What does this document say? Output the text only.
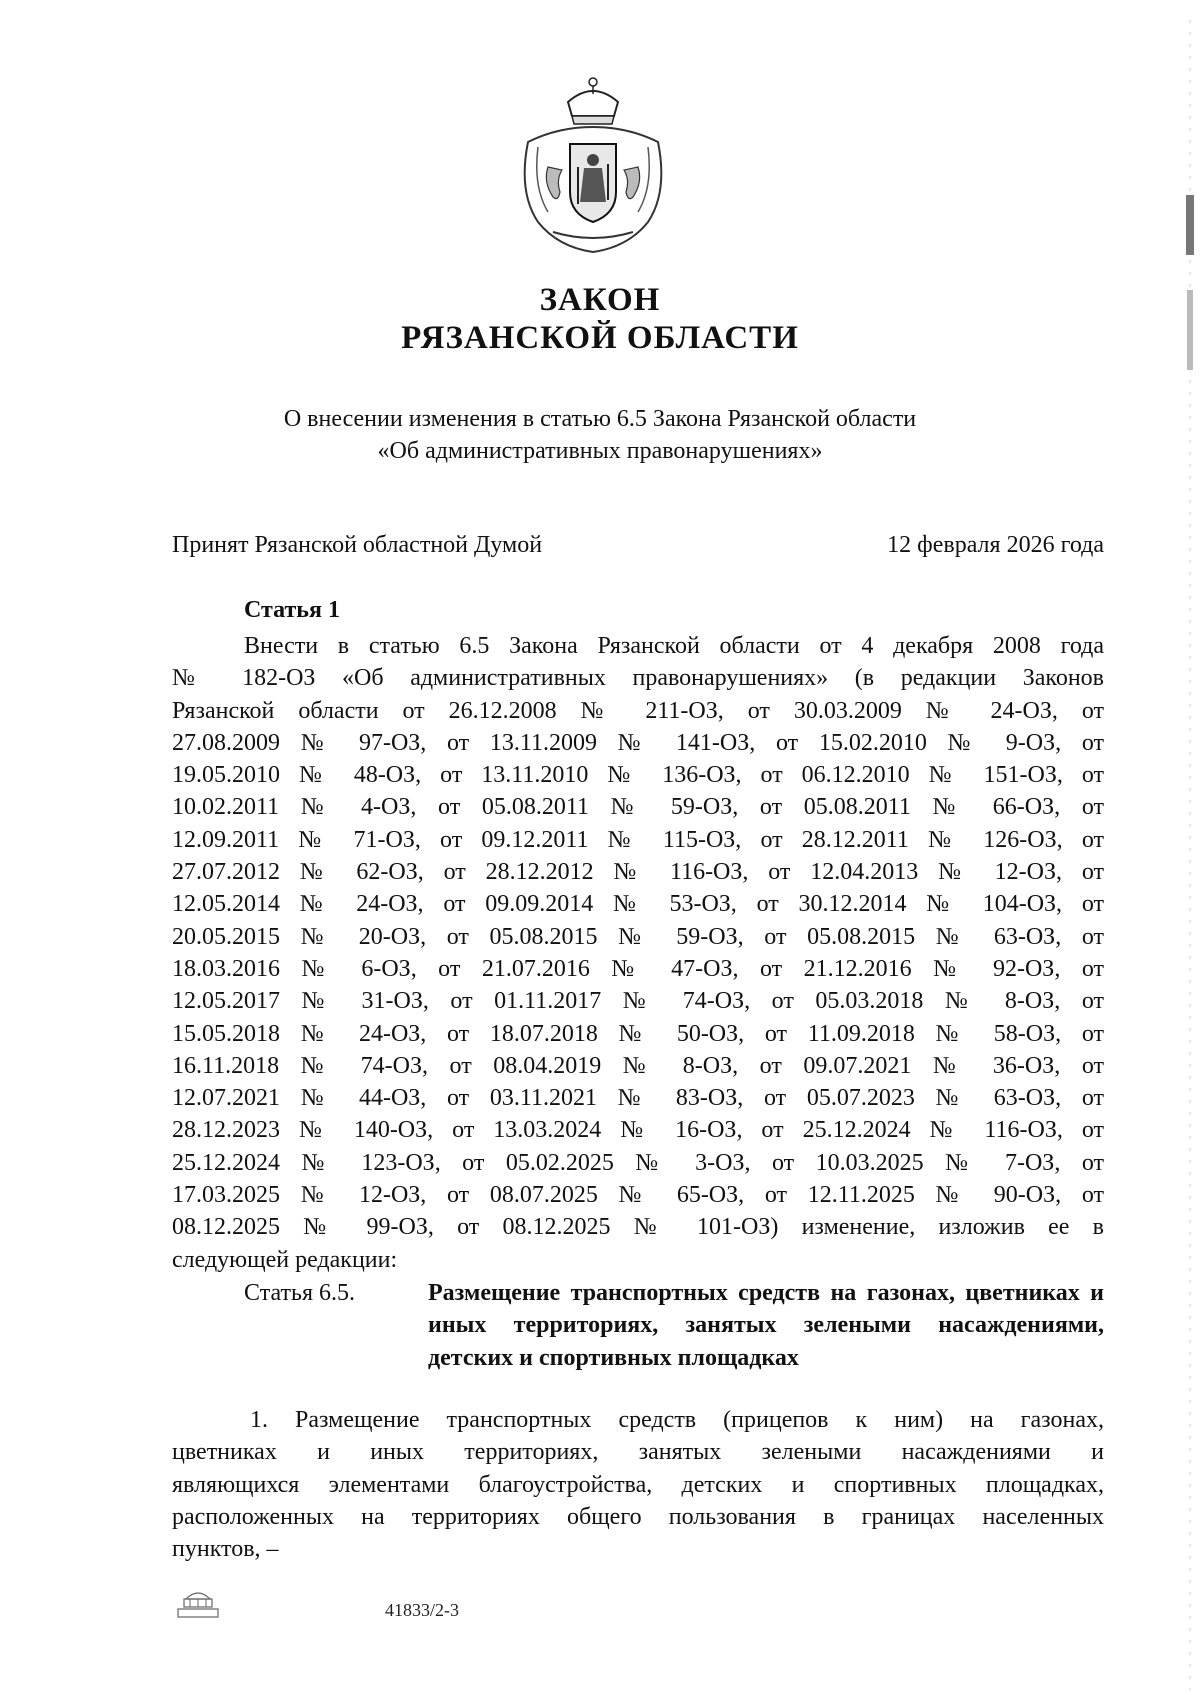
ЗАКОН
РЯЗАНСКОЙ ОБЛАСТИ
О внесении изменения в статью 6.5 Закона Рязанской области
«Об административных правонарушениях»
Принят Рязанской областной Думой	12 февраля 2026 года
Статья 1
Внести в статью 6.5 Закона Рязанской области от 4 декабря 2008 года
№ 182-ОЗ «Об административных правонарушениях» (в редакции Законов
Рязанской области от 26.12.2008 № 211-ОЗ, от 30.03.2009 № 24-ОЗ, от
27.08.2009 № 97-ОЗ, от 13.11.2009 № 141-ОЗ, от 15.02.2010 № 9-ОЗ, от
19.05.2010 № 48-ОЗ, от 13.11.2010 № 136-ОЗ, от 06.12.2010 № 151-ОЗ, от
10.02.2011 № 4-ОЗ, от 05.08.2011 № 59-ОЗ, от 05.08.2011 № 66-ОЗ, от
12.09.2011 № 71-ОЗ, от 09.12.2011 № 115-ОЗ, от 28.12.2011 № 126-ОЗ, от
27.07.2012 № 62-ОЗ, от 28.12.2012 № 116-ОЗ, от 12.04.2013 № 12-ОЗ, от
12.05.2014 № 24-ОЗ, от 09.09.2014 № 53-ОЗ, от 30.12.2014 № 104-ОЗ, от
20.05.2015 № 20-ОЗ, от 05.08.2015 № 59-ОЗ, от 05.08.2015 № 63-ОЗ, от
18.03.2016 № 6-ОЗ, от 21.07.2016 № 47-ОЗ, от 21.12.2016 № 92-ОЗ, от
12.05.2017 № 31-ОЗ, от 01.11.2017 № 74-ОЗ, от 05.03.2018 № 8-ОЗ, от
15.05.2018 № 24-ОЗ, от 18.07.2018 № 50-ОЗ, от 11.09.2018 № 58-ОЗ, от
16.11.2018 № 74-ОЗ, от 08.04.2019 № 8-ОЗ, от 09.07.2021 № 36-ОЗ, от
12.07.2021 № 44-ОЗ, от 03.11.2021 № 83-ОЗ, от 05.07.2023 № 63-ОЗ, от
28.12.2023 № 140-ОЗ, от 13.03.2024 № 16-ОЗ, от 25.12.2024 № 116-ОЗ, от
25.12.2024 № 123-ОЗ, от 05.02.2025 № 3-ОЗ, от 10.03.2025 № 7-ОЗ, от
17.03.2025 № 12-ОЗ, от 08.07.2025 № 65-ОЗ, от 12.11.2025 № 90-ОЗ, от
08.12.2025 № 99-ОЗ, от 08.12.2025 № 101-ОЗ) изменение, изложив ее в
следующей редакции:
Статья 6.5.	Размещение транспортных средств на газонах, цветниках и иных территориях, занятых зелеными насаждениями, детских и спортивных площадках
1. Размещение транспортных средств (прицепов к ним) на газонах,
цветниках и иных территориях, занятых зелеными насаждениями и
являющихся элементами благоустройства, детских и спортивных площадках,
расположенных на территориях общего пользования в границах населенных
пунктов, –
41833/2-3
